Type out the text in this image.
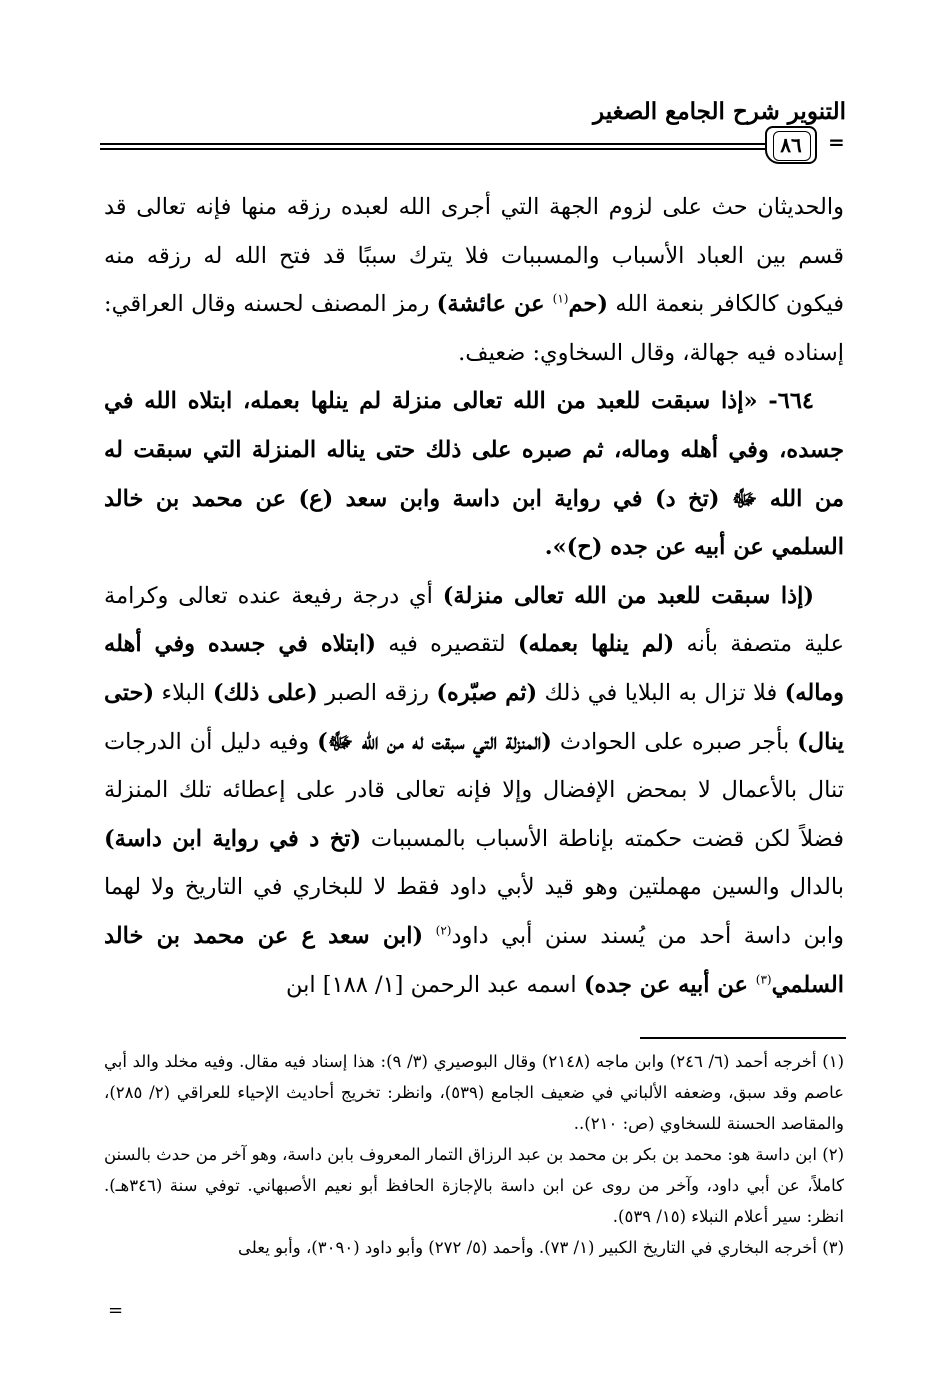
التنوير شرح الجامع الصغير
٨٦	=

والحديثان حث على لزوم الجهة التي أجرى الله لعبده رزقه منها فإنه تعالى قد قسم بين العباد الأسباب والمسببات فلا يترك سببًا قد فتح الله له رزقه منه فيكون كالكافر بنعمة الله (حم$^{(١)}$ عن عائشة) رمز المصنف لحسنه وقال العراقي: إسناده فيه جهالة، وقال السخاوي: ضعيف.

٦٦٤- «إذا سبقت للعبد من الله تعالى منزلة لم ينلها بعمله، ابتلاه الله في جسده، وفي أهله وماله، ثم صبره على ذلك حتى يناله المنزلة التي سبقت له من الله ﷻ (تخ د) في رواية ابن داسة وابن سعد (ع) عن محمد بن خالد السلمي عن أبيه عن جده (ح)».

(إذا سبقت للعبد من الله تعالى منزلة) أي درجة رفيعة عنده تعالى وكرامة علية متصفة بأنه (لم ينلها بعمله) لتقصيره فيه (ابتلاه في جسده وفي أهله وماله) فلا تزال به البلايا في ذلك (ثم صبّره) رزقه الصبر (على ذلك) البلاء (حتى ينال) بأجر صبره على الحوادث (المنزلة التي سبقت له من الله ﷻ) وفيه دليل أن الدرجات تنال بالأعمال لا بمحض الإفضال وإلا فإنه تعالى قادر على إعطائه تلك المنزلة فضلاً لكن قضت حكمته بإناطة الأسباب بالمسببات (تخ د في رواية ابن داسة) بالدال والسين مهملتين وهو قيد لأبي داود فقط لا للبخاري في التاريخ ولا لهما وابن داسة أحد من يُسند سنن أبي داود$^{(٢)}$ (ابن سعد ع عن محمد بن خالد السلمي$^{(٣)}$ عن أبيه عن جده) اسمه عبد الرحمن [١/ ١٨٨] ابن

(١) أخرجه أحمد (٦/ ٢٤٦) وابن ماجه (٢١٤٨) وقال البوصيري (٣/ ٩): هذا إسناد فيه مقال. وفيه مخلد والد أبي عاصم وقد سبق، وضعفه الألباني في ضعيف الجامع (٥٣٩)، وانظر: تخريج أحاديث الإحياء للعراقي (٢/ ٢٨٥)، والمقاصد الحسنة للسخاوي (ص: ٢١٠)..

(٢) ابن داسة هو: محمد بن بكر بن محمد بن عبد الرزاق التمار المعروف بابن داسة، وهو آخر من حدث بالسنن كاملاً، عن أبي داود، وآخر من روى عن ابن داسة بالإجازة الحافظ أبو نعيم الأصبهاني. توفي سنة (٣٤٦هـ). انظر: سير أعلام النبلاء (١٥/ ٥٣٩).

(٣) أخرجه البخاري في التاريخ الكبير (١/ ٧٣). وأحمد (٥/ ٢٧٢) وأبو داود (٣٠٩٠)، وأبو يعلى

=
